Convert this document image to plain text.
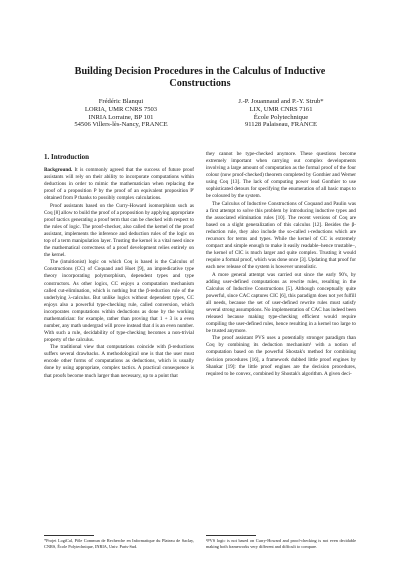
Building Decision Procedures in the Calculus of Inductive Constructions
Frédéric Blanqui
LORIA, UMR CNRS 7503
INRIA Lorraine, BP 101
54506 Villers-lès-Nancy, FRANCE
J.-P. Jouannaud and P.-Y. Strub*
LIX, UMR CNRS 7161
École Polytechnique
91128 Palaiseau, FRANCE
1. Introduction

Background. It is commonly agreed that the success of future proof assistants will rely on their ability to incorporate computations within deductions in order to mimic the mathematician when replacing the proof of a proposition P by the proof of an equivalent proposition P' obtained from P thanks to possibly complex calculations.

Proof assistants based on the Curry-Howard isomorphism such as Coq [8] allow to build the proof of a proposition by applying appropriate proof tactics generating a proof term that can be checked with respect to the rules of logic. The proof-checker, also called the kernel of the proof assistant, implements the inference and deduction rules of the logic on top of a term manipulation layer. Trusting the kernel is a vital need since the mathematical correctness of a proof development relies entirely on the kernel.

The (intuitionist) logic on which Coq is based is the Calculus of Constructions (CC) of Coquand and Huet [9], an impredicative type theory incorporating polymorphism, dependent types and type constructors. As other logics, CC enjoys a computation mechanism called cut-elimination, which is nothing but the β-reduction rule of the underlying λ-calculus. But unlike logics without dependent types, CC enjoys also a powerful type-checking rule, called conversion, which incorporates computations within deductions as done by the working mathematician: for example, rather than proving that 1 + 3 is a even number, any math undergrad will prove instead that 4 is an even number. With such a rule, decidability of type-checking becomes a non-trivial property of the calculus.

The traditional view that computations coincide with β-reductions suffers several drawbacks. A methodological one is that the user must encode other forms of computations as deductions, which is usually done by using appropriate, complex tactics. A practical consequence is that proofs become much larger than necessary, up to a point that

*Projet LogiCal, Pôle Commun de Recherche en Informatique du Plateau de Saclay, CNRS, École Polytechnique, INRIA, Univ. Paris-Sud.

they cannot be type-checked anymore. These questions become extremely important when carrying out complex developments involving a large amount of computation as the formal proof of the four colour (now proof-checked) theorem completed by Gonthier and Werner using Coq [13]. The lack of computing power lead Gonthier to use sophisticated detours for specifying the enumeration of all basic maps to be coloured by the system.

The Calculus of Inductive Constructions of Coquand and Paulin was a first attempt to solve this problem by introducing inductive types and the associated elimination rules [10]. The recent versions of Coq are based on a slight generalization of this calculus [12]. Besides the β-reduction rule, they also include the so-called ι-reductions which are recursors for terms and types. While the kernel of CC is extremely compact and simple enough to make it easily readable–hence trustable–, the kernel of CIC is much larger and quite complex. Trusting it would require a formal proof, which was done once [3]. Updating that proof for each new release of the system is however unrealistic.

A more general attempt was carried out since the early 90's, by adding user-defined computations as rewrite rules, resulting in the Calculus of Inductive Constructions [5]. Although conceptually quite powerful, since CAC captures CIC [6], this paradigm does not yet fulfill all needs, because the set of user-defined rewrite rules must satisfy several strong assumptions. No implementation of CAC has indeed been released because making type-checking efficient would require compiling the user-defined rules, hence resulting in a kernel too large to be trusted anymore.

The proof assistant PVS uses a potentially stronger paradigm than Coq by combining its deduction mechanism¹ with a notion of computation based on the powerful Shostak's method for combining decision procedures [16], a framework dubbed little proof engines by Shankar [19]: the little proof engines are the decision procedures, required to be convex, combined by Shostak's algorithm. A given deci-

¹PVS logic is not based on Curry-Howard and proof-checking is not even decidable making both frameworks very different and difficult to compare.
